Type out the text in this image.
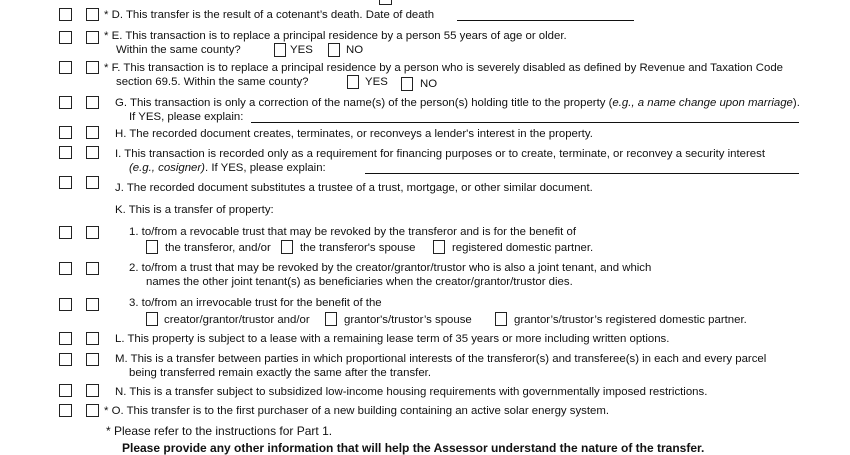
* D. This transfer is the result of a cotenant’s death. Date of death
* E. This transaction is to replace a principal residence by a person 55 years of age or older.
Within the same county?	YES	NO
* F. This transaction is to replace a principal residence by a person who is severely disabled as defined by Revenue and Taxation Code
section 69.5. Within the same county?	YES	NO
G. This transaction is only a correction of the name(s) of the person(s) holding title to the property (e.g., a name change upon marriage).
If YES, please explain:
H. The recorded document creates, terminates, or reconveys a lender's interest in the property.
I. This transaction is recorded only as a requirement for financing purposes or to create, terminate, or reconvey a security interest
(e.g., cosigner). If YES, please explain:
J. The recorded document substitutes a trustee of a trust, mortgage, or other similar document.
K. This is a transfer of property:
1. to/from a revocable trust that may be revoked by the transferor and is for the benefit of
the transferor, and/or	the transferor's spouse	registered domestic partner.
2. to/from a trust that may be revoked by the creator/grantor/trustor who is also a joint tenant, and which
names the other joint tenant(s) as beneficiaries when the creator/grantor/trustor dies.
3. to/from an irrevocable trust for the benefit of the
creator/grantor/trustor and/or	grantor's/trustor’s spouse	grantor’s/trustor’s registered domestic partner.
L. This property is subject to a lease with a remaining lease term of 35 years or more including written options.
M. This is a transfer between parties in which proportional interests of the transferor(s) and transferee(s) in each and every parcel
being transferred remain exactly the same after the transfer.
N. This is a transfer subject to subsidized low-income housing requirements with governmentally imposed restrictions.
* O. This transfer is to the first purchaser of a new building containing an active solar energy system.
* Please refer to the instructions for Part 1.
Please provide any other information that will help the Assessor understand the nature of the transfer.
